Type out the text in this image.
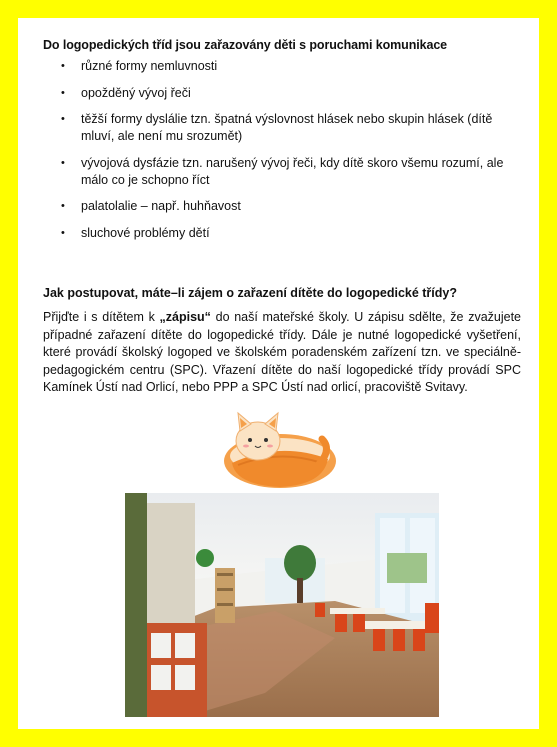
Do logopedických tříd jsou zařazovány děti s poruchami komunikace
• různé formy nemluvnosti
• opožděný vývoj řeči
• těžší formy dyslálie tzn. špatná výslovnost hlásek nebo skupin hlásek (dítě mluví, ale není mu srozumět)
• vývojová dysfázie tzn. narušený vývoj řeči, kdy dítě skoro všemu rozumí, ale málo co je schopno říct
• palatolalie – např. huhňavost
• sluchové problémy dětí
Jak postupovat, máte–li zájem o zařazení dítěte do logopedické třídy?
Přijďte i s dítětem k „zápisu“ do naší mateřské školy. U zápisu sdělte, že zvažujete případné zařazení dítěte do logopedické třídy. Dále je nutné logopedické vyšetření, které provádí školský logoped ve školském poradenském zařízení tzn. ve speciálně-pedagogickém centru (SPC). Vřazení dítěte do naší logopedické třídy provádí SPC Kamínek Ústí nad Orlicí, nebo PPP a SPC Ústí nad orlicí, pracoviště Svitavy.
